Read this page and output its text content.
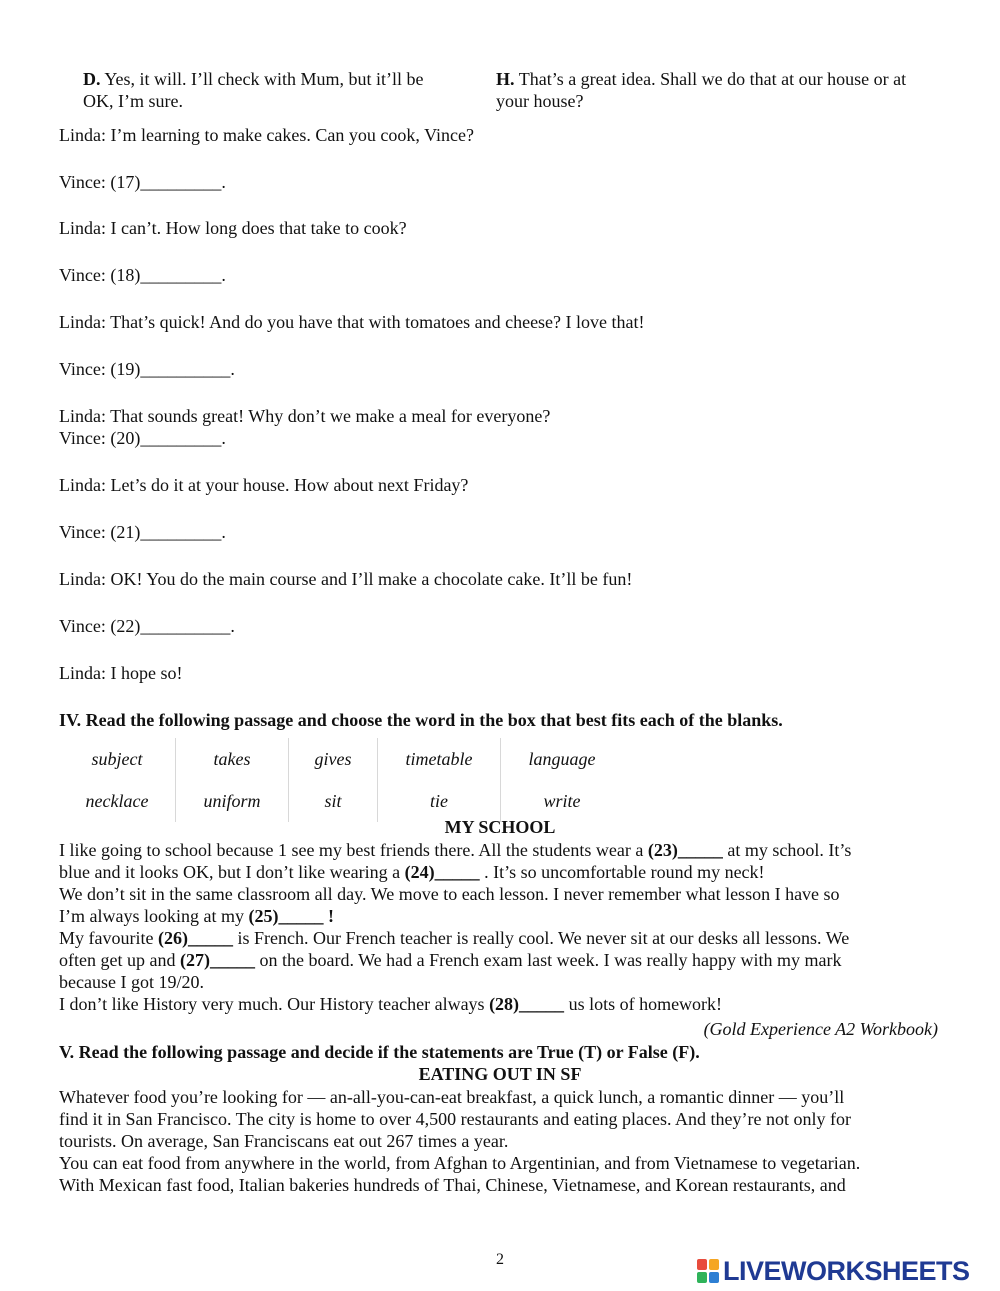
D. Yes, it will. I’ll check with Mum, but it’ll be OK, I’m sure.
H. That’s a great idea. Shall we do that at our house or at your house?
Linda: I’m learning to make cakes. Can you cook, Vince?
Vince: (17)_________.
Linda: I can’t. How long does that take to cook?
Vince: (18)_________.
Linda: That’s quick! And do you have that with tomatoes and cheese? I love that!
Vince: (19)__________.
Linda: That sounds great! Why don’t we make a meal for everyone?
Vince: (20)_________.
Linda: Let’s do it at your house. How about next Friday?
Vince: (21)_________.
Linda: OK! You do the main course and I’ll make a chocolate cake. It’ll be fun!
Vince: (22)__________.
Linda: I hope so!
IV. Read the following passage and choose the word in the box that best fits each of the blanks.
subject	takes	gives	timetable	language
necklace	uniform	sit	tie	write
MY SCHOOL
I like going to school because 1 see my best friends there. All the students wear a (23)_____ at my school. It’s
blue and it looks OK, but I don’t like wearing a (24)_____ . It’s so uncomfortable round my neck!
We don’t sit in the same classroom all day. We move to each lesson. I never remember what lesson I have so
I’m always looking at my (25)_____ !
My favourite (26)_____ is French. Our French teacher is really cool. We never sit at our desks all lessons. We
often get up and (27)_____ on the board. We had a French exam last week. I was really happy with my mark
because I got 19/20.
I don’t like History very much. Our History teacher always (28)_____ us lots of homework!
(Gold Experience A2 Workbook)
V. Read the following passage and decide if the statements are True (T) or False (F).
EATING OUT IN SF
Whatever food you’re looking for — an-all-you-can-eat breakfast, a quick lunch, a romantic dinner — you’ll
find it in San Francisco. The city is home to over 4,500 restaurants and eating places. And they’re not only for
tourists. On average, San Franciscans eat out 267 times a year.
You can eat food from anywhere in the world, from Afghan to Argentinian, and from Vietnamese to vegetarian.
With Mexican fast food, Italian bakeries hundreds of Thai, Chinese, Vietnamese, and Korean restaurants, and
2	LIVEWORKSHEETS
